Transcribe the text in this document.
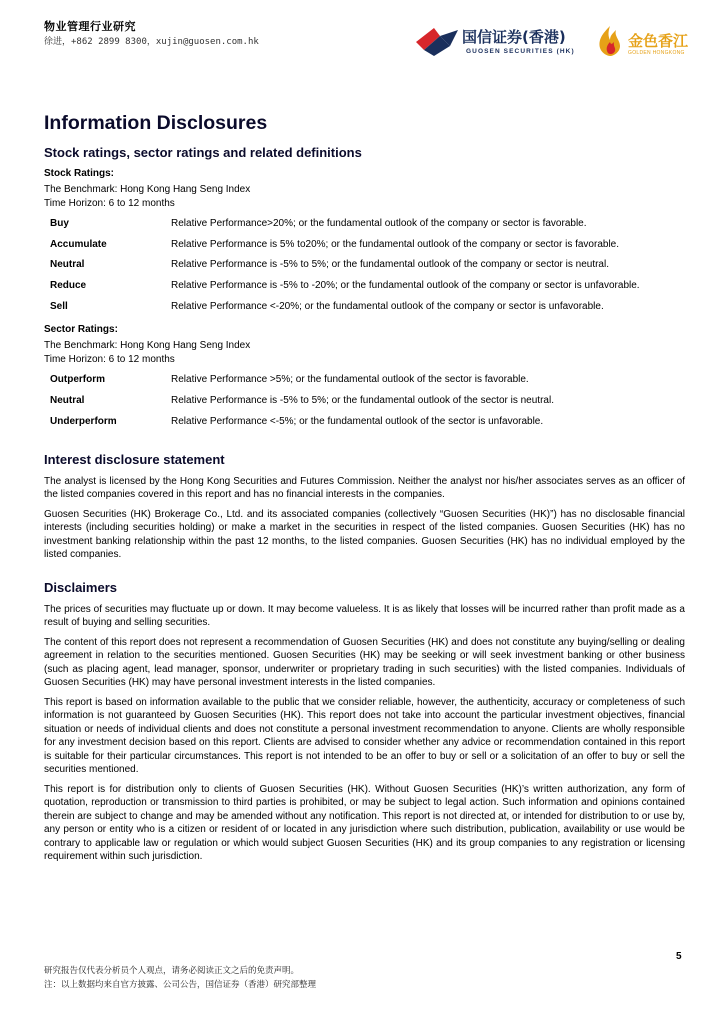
物业管理行业研究
徐进，+862 2899 8300，xujin@guosen.com.hk	国信证券(香港)
GUOSEN SECURITIES (HK)
金色香江
GOLDEN HONGKONG
Information Disclosures
Stock ratings, sector ratings and related definitions
Stock Ratings:
The Benchmark: Hong Kong Hang Seng Index
Time Horizon: 6 to 12 months
Buy	Relative Performance>20%; or the fundamental outlook of the company or sector is favorable.
Accumulate	Relative Performance is 5% to20%; or the fundamental outlook of the company or sector is favorable.
Neutral	Relative Performance is -5% to 5%; or the fundamental outlook of the company or sector is neutral.
Reduce	Relative Performance is -5% to -20%; or the fundamental outlook of the company or sector is unfavorable.
Sell	Relative Performance <-20%; or the fundamental outlook of the company or sector is unfavorable.
Sector Ratings:
The Benchmark: Hong Kong Hang Seng Index
Time Horizon: 6 to 12 months
Outperform	Relative Performance >5%; or the fundamental outlook of the sector is favorable.
Neutral	Relative Performance is -5% to 5%; or the fundamental outlook of the sector is neutral.
Underperform	Relative Performance <-5%; or the fundamental outlook of the sector is unfavorable.
Interest disclosure statement

The analyst is licensed by the Hong Kong Securities and Futures Commission. Neither the analyst nor his/her associates serves as an officer of the listed companies covered in this report and has no financial interests in the companies.

Guosen Securities (HK) Brokerage Co., Ltd. and its associated companies (collectively “Guosen Securities (HK)”) has no disclosable financial interests (including securities holding) or make a market in the securities in respect of the listed companies. Guosen Securities (HK) has no investment banking relationship within the past 12 months, to the listed companies. Guosen Securities (HK) has no individual employed by the listed companies.

Disclaimers

The prices of securities may fluctuate up or down. It may become valueless. It is as likely that losses will be incurred rather than profit made as a result of buying and selling securities.

The content of this report does not represent a recommendation of Guosen Securities (HK) and does not constitute any buying/selling or dealing agreement in relation to the securities mentioned. Guosen Securities (HK) may be seeking or will seek investment banking or other business (such as placing agent, lead manager, sponsor, underwriter or proprietary trading in such securities) with the listed companies. Individuals of Guosen Securities (HK) may have personal investment interests in the listed companies.

This report is based on information available to the public that we consider reliable, however, the authenticity, accuracy or completeness of such information is not guaranteed by Guosen Securities (HK). This report does not take into account the particular investment objectives, financial situation or needs of individual clients and does not constitute a personal investment recommendation to anyone. Clients are wholly responsible for any investment decision based on this report. Clients are advised to consider whether any advice or recommendation contained in this report is suitable for their particular circumstances. This report is not intended to be an offer to buy or sell or a solicitation of an offer to buy or sell the securities mentioned.

This report is for distribution only to clients of Guosen Securities (HK). Without Guosen Securities (HK)’s written authorization, any form of quotation, reproduction or transmission to third parties is prohibited, or may be subject to legal action. Such information and opinions contained therein are subject to change and may be amended without any notification. This report is not directed at, or intended for distribution to or use by, any person or entity who is a citizen or resident of or located in any jurisdiction where such distribution, publication, availability or use would be contrary to applicable law or regulation or which would subject Guosen Securities (HK) and its group companies to any registration or licensing requirement within such jurisdiction.

5
研究报告仅代表分析员个人观点，请务必阅读正文之后的免责声明。
注：以上数据均来自官方披露、公司公告，国信证券（香港）研究部整理
